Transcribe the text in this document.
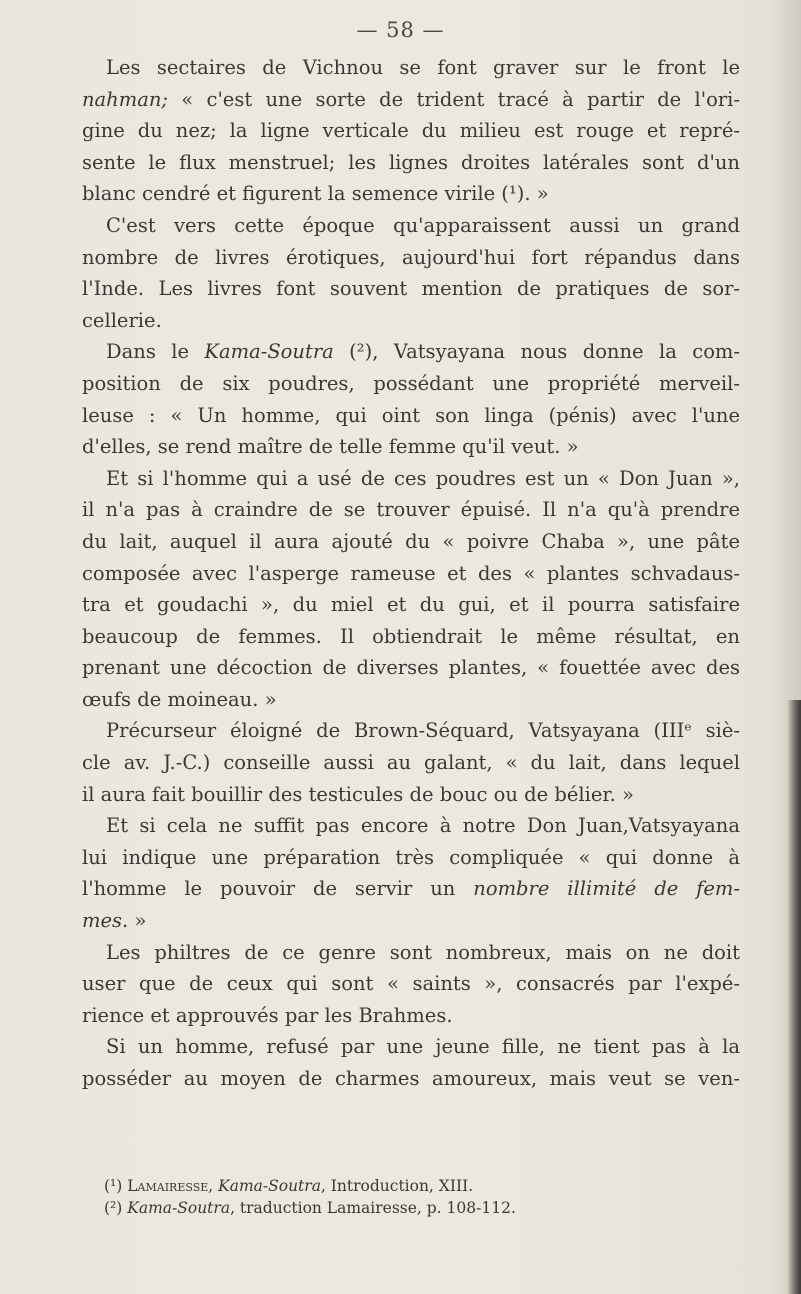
— 58 —
Les sectaires de Vichnou se font graver sur le front le
nahman; « c'est une sorte de trident tracé à partir de l'ori-
gine du nez; la ligne verticale du milieu est rouge et repré-
sente le flux menstruel; les lignes droites latérales sont d'un
blanc cendré et figurent la semence virile (¹). »
C'est vers cette époque qu'apparaissent aussi un grand
nombre de livres érotiques, aujourd'hui fort répandus dans
l'Inde. Les livres font souvent mention de pratiques de sor-
cellerie.
Dans le Kama-Soutra (²), Vatsyayana nous donne la com-
position de six poudres, possédant une propriété merveil-
leuse : « Un homme, qui oint son linga (pénis) avec l'une
d'elles, se rend maître de telle femme qu'il veut. »
Et si l'homme qui a usé de ces poudres est un « Don Juan »,
il n'a pas à craindre de se trouver épuisé. Il n'a qu'à prendre
du lait, auquel il aura ajouté du « poivre Chaba », une pâte
composée avec l'asperge rameuse et des « plantes schvadaus-
tra et goudachi », du miel et du gui, et il pourra satisfaire
beaucoup de femmes. Il obtiendrait le même résultat, en
prenant une décoction de diverses plantes, « fouettée avec des
œufs de moineau. »
Précurseur éloigné de Brown-Séquard, Vatsyayana (IIIᵉ siè-
cle av. J.-C.) conseille aussi au galant, « du lait, dans lequel
il aura fait bouillir des testicules de bouc ou de bélier. »
Et si cela ne suffit pas encore à notre Don Juan,Vatsyayana
lui indique une préparation très compliquée « qui donne à
l'homme le pouvoir de servir un nombre illimité de fem-
mes. »
Les philtres de ce genre sont nombreux, mais on ne doit
user que de ceux qui sont « saints », consacrés par l'expé-
rience et approuvés par les Brahmes.
Si un homme, refusé par une jeune fille, ne tient pas à la
posséder au moyen de charmes amoureux, mais veut se ven-
(¹) Lamairesse, Kama-Soutra, Introduction, XIII.
(²) Kama-Soutra, traduction Lamairesse, p. 108-112.
